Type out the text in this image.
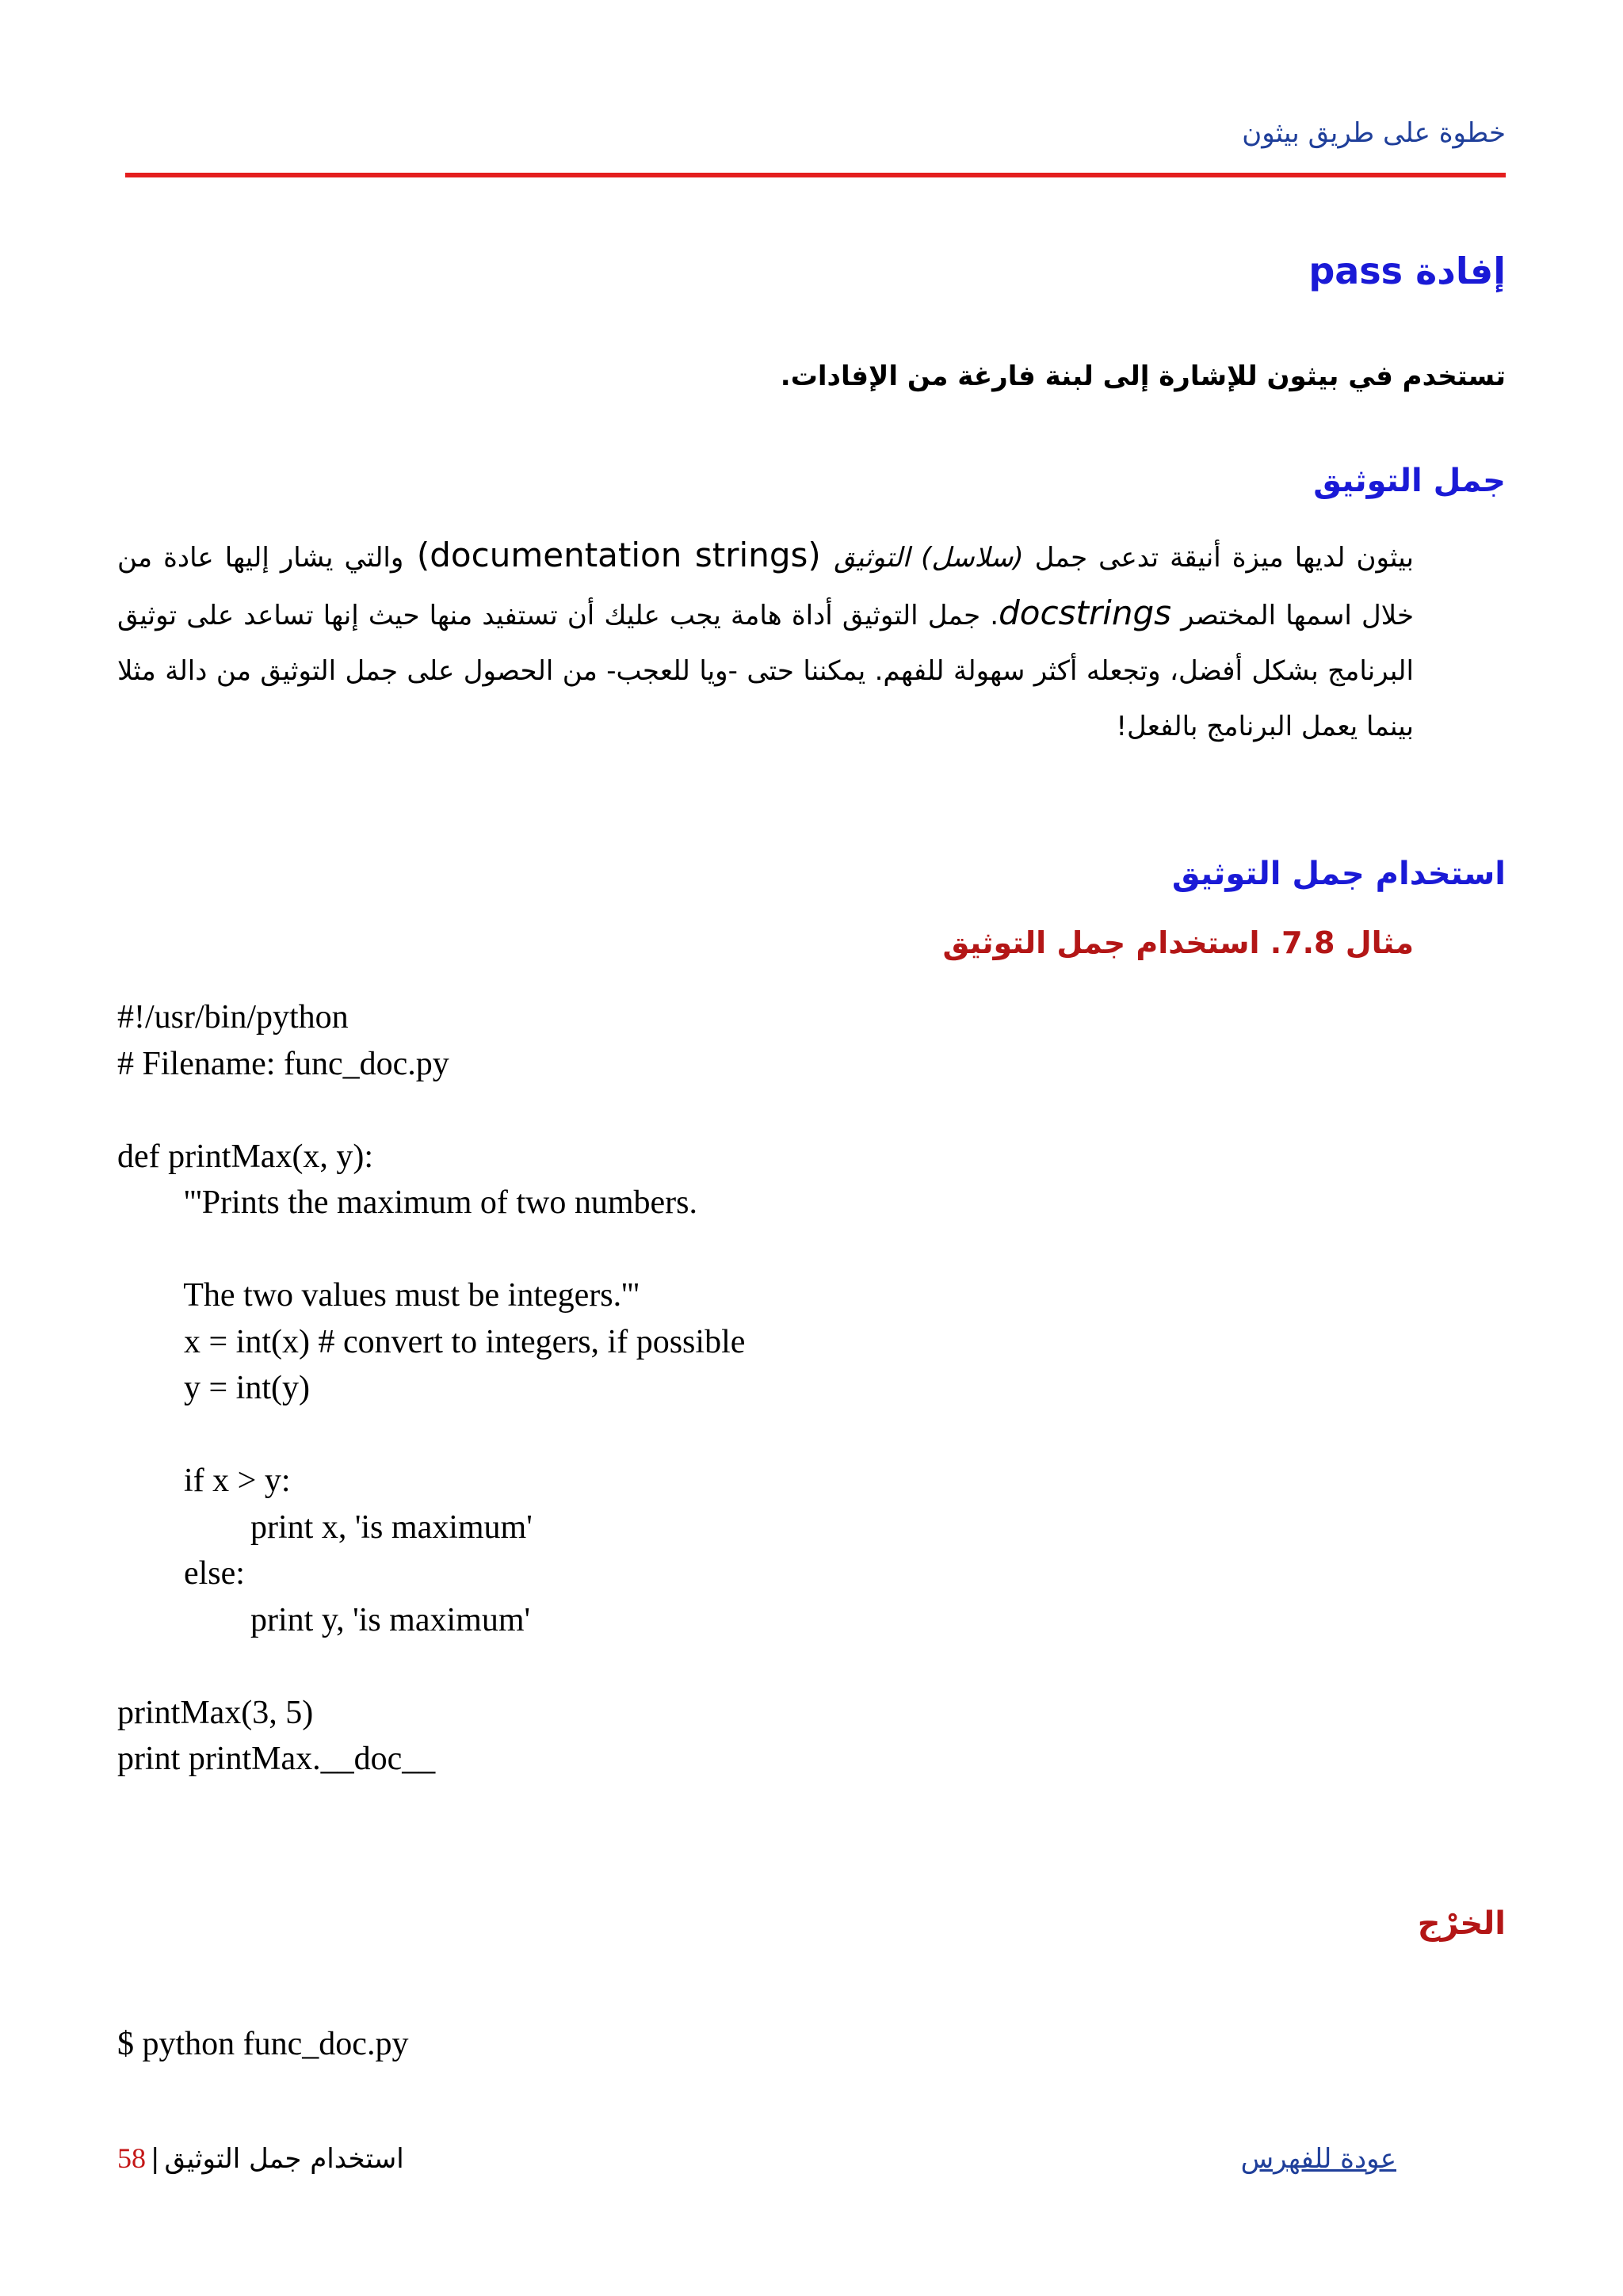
خطوة على طريق بيثون
إفادة pass
تستخدم في بيثون للإشارة إلى لبنة فارغة من الإفادات.
جمل التوثيق
بيثون لديها ميزة أنيقة تدعى جمل (سلاسل) التوثيق (documentation strings) والتي يشار إليها عادة من خلال اسمها المختصر docstrings. جمل التوثيق أداة هامة يجب عليك أن تستفيد منها حيث إنها تساعد على توثيق البرنامج بشكل أفضل، وتجعله أكثر سهولة للفهم. يمكننا حتى -ويا للعجب- من الحصول على جمل التوثيق من دالة مثلا بينما يعمل البرنامج بالفعل!
استخدام جمل التوثيق
مثال 7.8. استخدام جمل التوثيق
#!/usr/bin/python
# Filename: func_doc.py
def printMax(x, y):
'''Prints the maximum of two numbers.
The two values must be integers.'''
x = int(x) # convert to integers, if possible
y = int(y)
if x > y:
print x, 'is maximum'
else:
print y, 'is maximum'
printMax(3, 5)
print printMax.__doc__
الخرْج
$ python func_doc.py
58 | استخدام جمل التوثيق	عودة للفهرس
